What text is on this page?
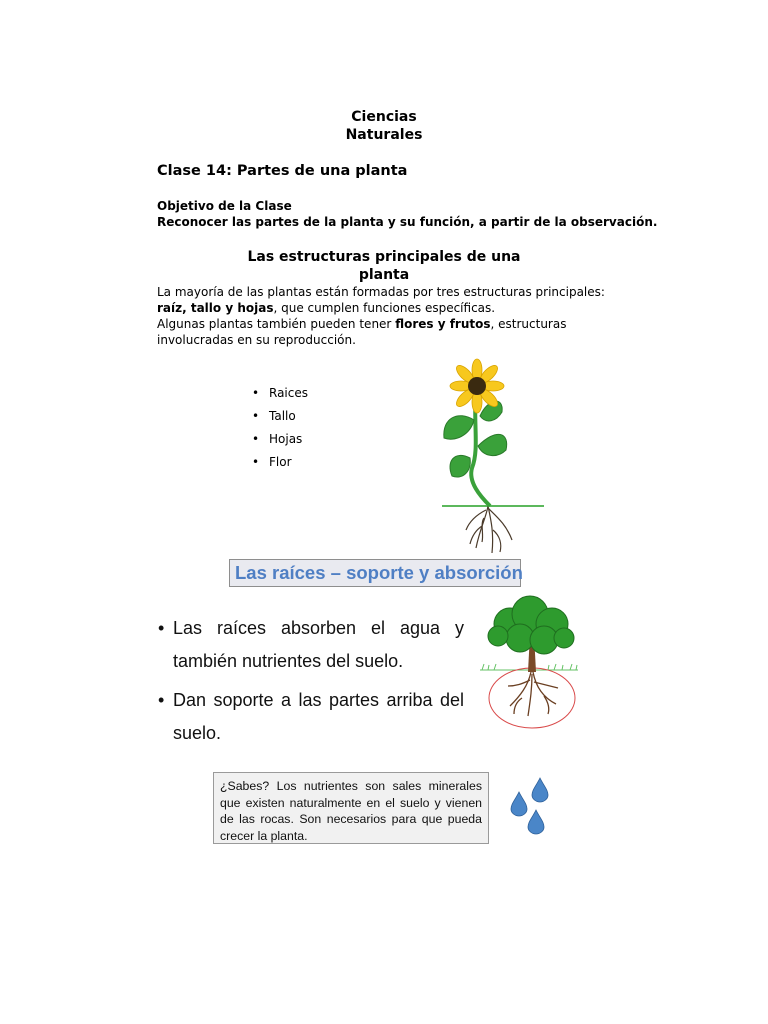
Ciencias
Naturales
Clase 14: Partes de una planta
Objetivo de la Clase
Reconocer las partes de la planta y su función, a partir de la observación.
Las estructuras principales de una
planta
La mayoría de las plantas están formadas por tres estructuras principales:
raíz, tallo y hojas, que cumplen funciones específicas.
Algunas plantas también pueden tener flores y frutos, estructuras involucradas en su reproducción.
• Raices
• Tallo
• Hojas
• Flor
Las raíces – soporte y absorción
• Las raíces absorben el agua y también nutrientes del suelo.
• Dan soporte a las partes arriba del suelo.
¿Sabes? Los nutrientes son sales minerales que existen naturalmente en el suelo y vienen de las rocas. Son necesarios para que pueda crecer la planta.
